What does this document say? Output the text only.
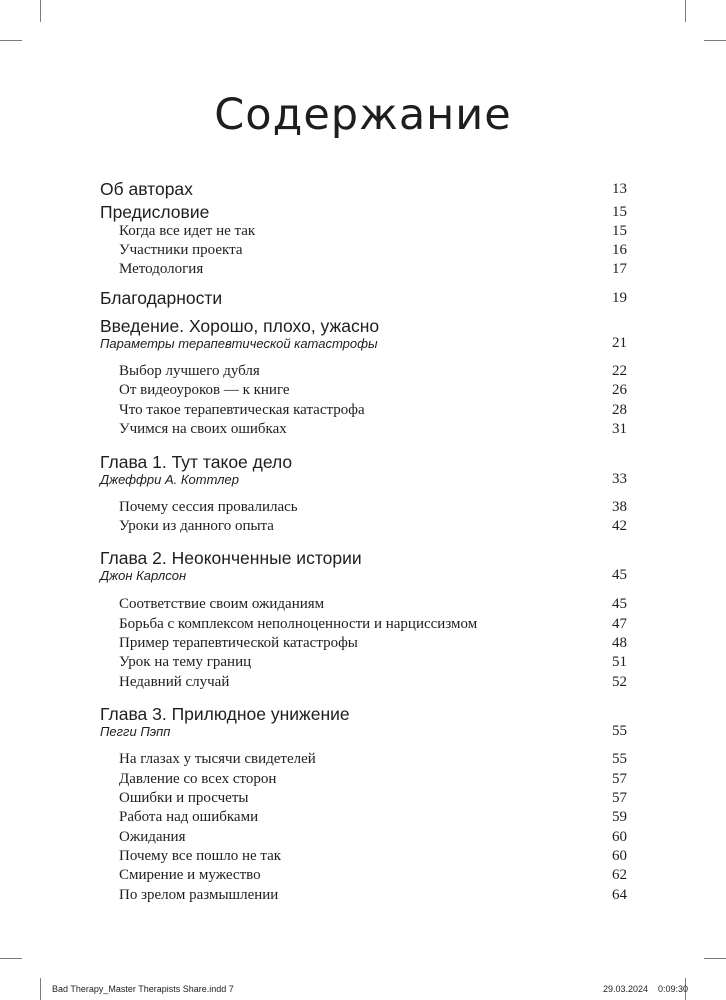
Содержание
Об авторах	13
Предисловие	15
Когда все идет не так	15
Участники проекта	16
Методология	17
Благодарности	19
Введение. Хорошо, плохо, ужасно
Параметры терапевтической катастрофы	21
Выбор лучшего дубля	22
От видеоуроков — к книге	26
Что такое терапевтическая катастрофа	28
Учимся на своих ошибках	31
Глава 1. Тут такое дело
Джеффри А. Коттлер	33
Почему сессия провалилась	38
Уроки из данного опыта	42
Глава 2. Неоконченные истории
Джон Карлсон	45
Соответствие своим ожиданиям	45
Борьба с комплексом неполноценности и нарциссизмом	47
Пример терапевтической катастрофы	48
Урок на тему границ	51
Недавний случай	52
Глава 3. Прилюдное унижение
Пегги Пэпп	55
На глазах у тысячи свидетелей	55
Давление со всех сторон	57
Ошибки и просчеты	57
Работа над ошибками	59
Ожидания	60
Почему все пошло не так	60
Смирение и мужество	62
По зрелом размышлении	64
Bad Therapy_Master Therapists Share.indd 7	29.03.2024 0:09:30
